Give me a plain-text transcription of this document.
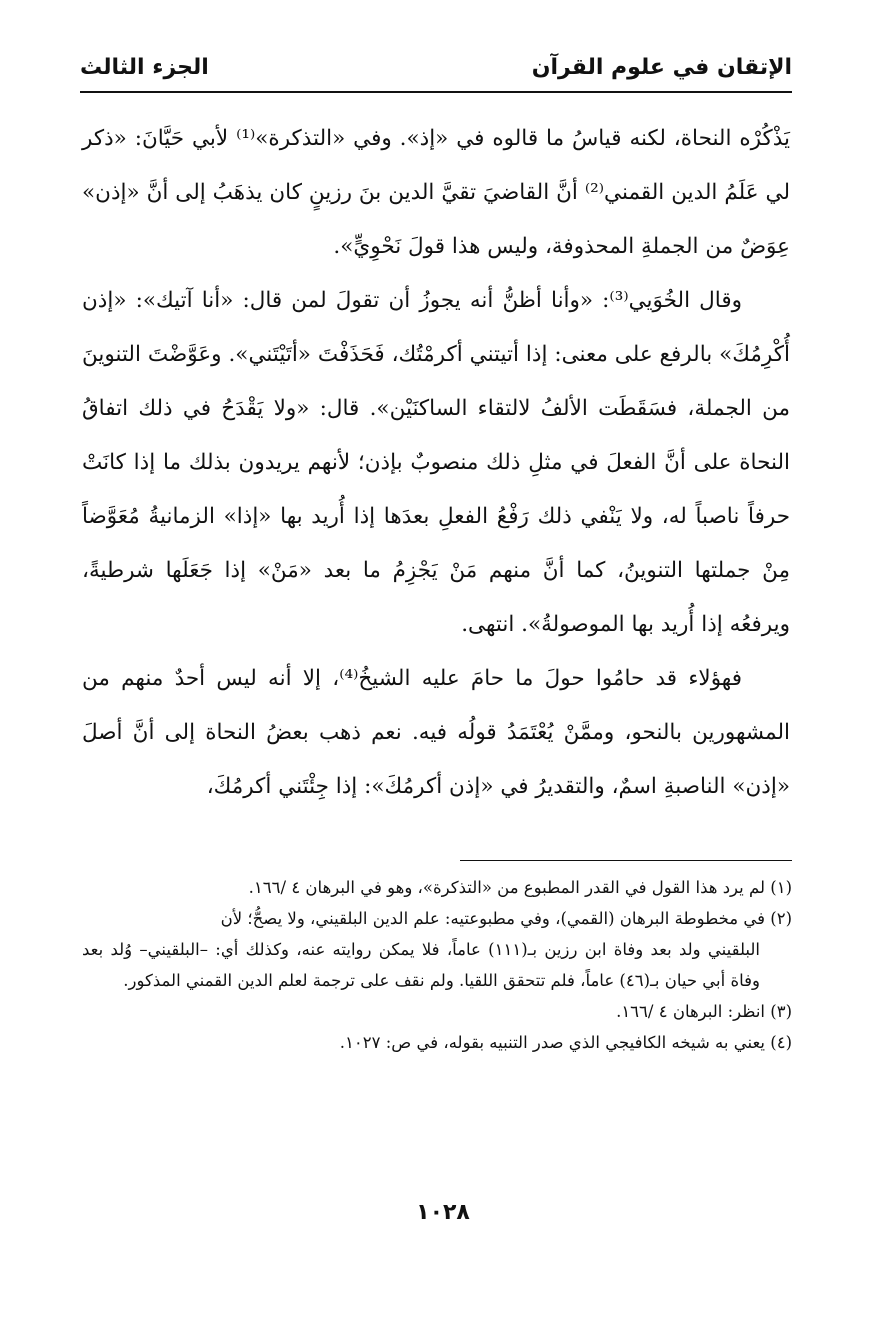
الإتقان في علوم القرآن
الجزء الثالث

يَذْكُرْه النحاة، لكنه قياسُ ما قالوه في «إذ». وفي «التذكرة»⁽¹⁾ لأبي حَيَّانَ: «ذكر لي عَلَمُ الدين القمني⁽²⁾ أنَّ القاضيَ تقيَّ الدين بنَ رزينٍ كان يذهَبُ إلى أنَّ «إذن» عِوَضٌ من الجملةِ المحذوفة، وليس هذا قولَ نَحْوِيٍّ».

وقال الخُوَيي⁽³⁾: «وأنا أظنُّ أنه يجوزُ أن تقولَ لمن قال: «أنا آتيك»: «إذن أُكْرِمُكَ» بالرفع على معنى: إذا أتيتني أكرمْتُك، فَحَذَفْتَ «أتَيْتَني». وعَوَّضْتَ التنوينَ من الجملة، فسَقَطَت الألفُ لالتقاء الساكنَيْن». قال: «ولا يَقْدَحُ في ذلك اتفاقُ النحاة على أنَّ الفعلَ في مثلِ ذلك منصوبٌ بإذن؛ لأنهم يريدون بذلك ما إذا كانَتْ حرفاً ناصباً له، ولا يَنْفي ذلك رَفْعُ الفعلِ بعدَها إذا أُريد بها «إذا» الزمانيةُ مُعَوَّضاً مِنْ جملتها التنوينُ، كما أنَّ منهم مَنْ يَجْزِمُ ما بعد «مَنْ» إذا جَعَلَها شرطيةً، ويرفعُه إذا أُريد بها الموصولةُ». انتهى.

فهؤلاء قد حامُوا حولَ ما حامَ عليه الشيخُ⁽⁴⁾، إلا أنه ليس أحدٌ منهم من المشهورين بالنحو، وممَّنْ يُعْتَمَدُ قولُه فيه. نعم ذهب بعضُ النحاة إلى أنَّ أصلَ «إذن» الناصبةِ اسمٌ، والتقديرُ في «إذن أكرمُكَ»: إذا جِئْتَني أكرمُكَ،

(١) لم يرد هذا القول في القدر المطبوع من «التذكرة»، وهو في البرهان ٤ /١٦٦.

(٢) في مخطوطة البرهان (القمي)، وفي مطبوعتيه: علم الدين البلقيني، ولا يصحُّ؛ لأن

البلقيني ولد بعد وفاة ابن رزين بـ(١١١) عاماً، فلا يمكن روايته عنه، وكذلك أي: –البلقيني– وُلد بعد وفاة أبي حيان بـ(٤٦) عاماً، فلم تتحقق اللقيا. ولم نقف على ترجمة لعلم الدين القمني المذكور.

(٣) انظر: البرهان ٤ /١٦٦.

(٤) يعني به شيخه الكافيجي الذي صدر التنبيه بقوله، في ص: ١٠٢٧.

١٠٢٨
